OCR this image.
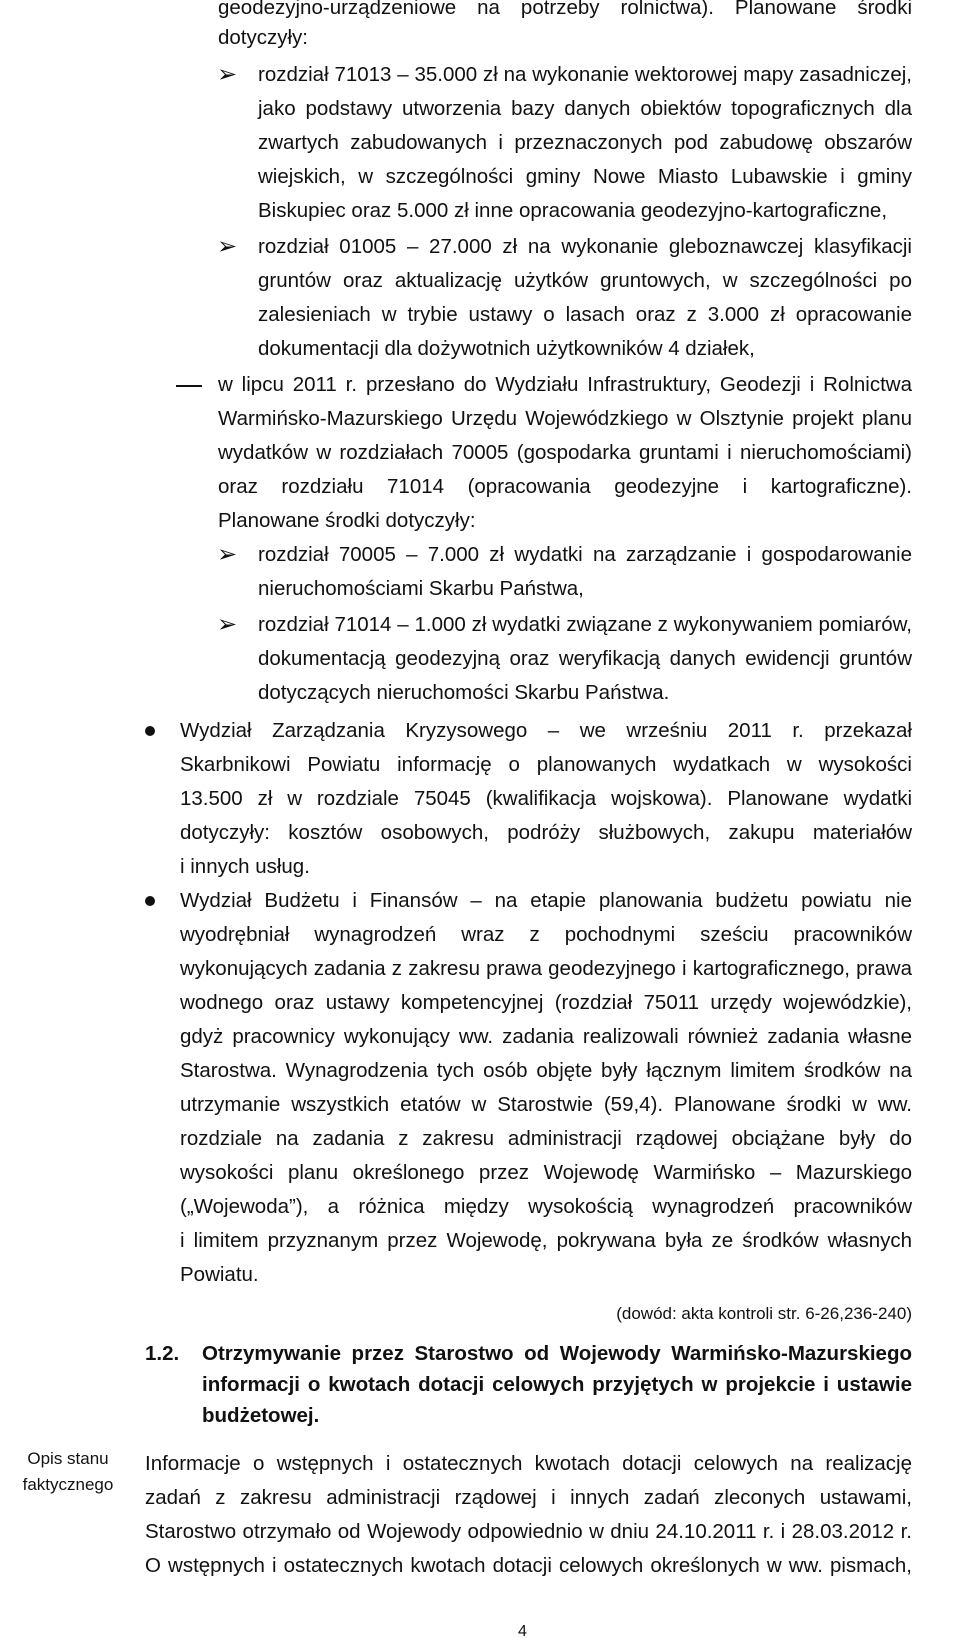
geodezyjno-urządzeniowe na potrzeby rolnictwa). Planowane środki
dotyczyły:
➢ rozdział 71013 – 35.000 zł na wykonanie wektorowej mapy zasadniczej,
jako podstawy utworzenia bazy danych obiektów topograficznych dla
zwartych zabudowanych i przeznaczonych pod zabudowę obszarów
wiejskich, w szczególności gminy Nowe Miasto Lubawskie i gminy
Biskupiec oraz 5.000 zł inne opracowania geodezyjno-kartograficzne,
➢ rozdział 01005 – 27.000 zł na wykonanie gleboznawczej klasyfikacji
gruntów oraz aktualizację użytków gruntowych, w szczególności po
zalesieniach w trybie ustawy o lasach oraz z 3.000 zł opracowanie
dokumentacji dla dożywotnich użytkowników 4 działek,
w lipcu 2011 r. przesłano do Wydziału Infrastruktury, Geodezji i Rolnictwa
Warmińsko-Mazurskiego Urzędu Wojewódzkiego w Olsztynie projekt planu
wydatków w rozdziałach 70005 (gospodarka gruntami i nieruchomościami)
oraz rozdziału 71014 (opracowania geodezyjne i kartograficzne).
Planowane środki dotyczyły:
➢ rozdział 70005 – 7.000 zł wydatki na zarządzanie i gospodarowanie
nieruchomościami Skarbu Państwa,
➢ rozdział 71014 – 1.000 zł wydatki związane z wykonywaniem pomiarów,
dokumentacją geodezyjną oraz weryfikacją danych ewidencji gruntów
dotyczących nieruchomości Skarbu Państwa.
Wydział Zarządzania Kryzysowego – we wrześniu 2011 r. przekazał
Skarbnikowi Powiatu informację o planowanych wydatkach w wysokości
13.500 zł w rozdziale 75045 (kwalifikacja wojskowa). Planowane wydatki
dotyczyły: kosztów osobowych, podróży służbowych, zakupu materiałów
i innych usług.
Wydział Budżetu i Finansów – na etapie planowania budżetu powiatu nie
wyodrębniał wynagrodzeń wraz z pochodnymi sześciu pracowników
wykonujących zadania z zakresu prawa geodezyjnego i kartograficznego, prawa
wodnego oraz ustawy kompetencyjnej (rozdział 75011 urzędy wojewódzkie),
gdyż pracownicy wykonujący ww. zadania realizowali również zadania własne
Starostwa. Wynagrodzenia tych osób objęte były łącznym limitem środków na
utrzymanie wszystkich etatów w Starostwie (59,4). Planowane środki w ww.
rozdziale na zadania z zakresu administracji rządowej obciążane były do
wysokości planu określonego przez Wojewodę Warmińsko – Mazurskiego
(„Wojewoda”), a różnica między wysokością wynagrodzeń pracowników
i limitem przyznanym przez Wojewodę, pokrywana była ze środków własnych
Powiatu.
(dowód: akta kontroli str. 6-26,236-240)
1.2. Otrzymywanie przez Starostwo od Wojewody Warmińsko-Mazurskiego
informacji o kwotach dotacji celowych przyjętych w projekcie i ustawie
budżetowej.
Opis stanu
faktycznego
Informacje o wstępnych i ostatecznych kwotach dotacji celowych na realizację
zadań z zakresu administracji rządowej i innych zadań zleconych ustawami,
Starostwo otrzymało od Wojewody odpowiednio w dniu 24.10.2011 r. i 28.03.2012 r.
O wstępnych i ostatecznych kwotach dotacji celowych określonych w ww. pismach,
4
